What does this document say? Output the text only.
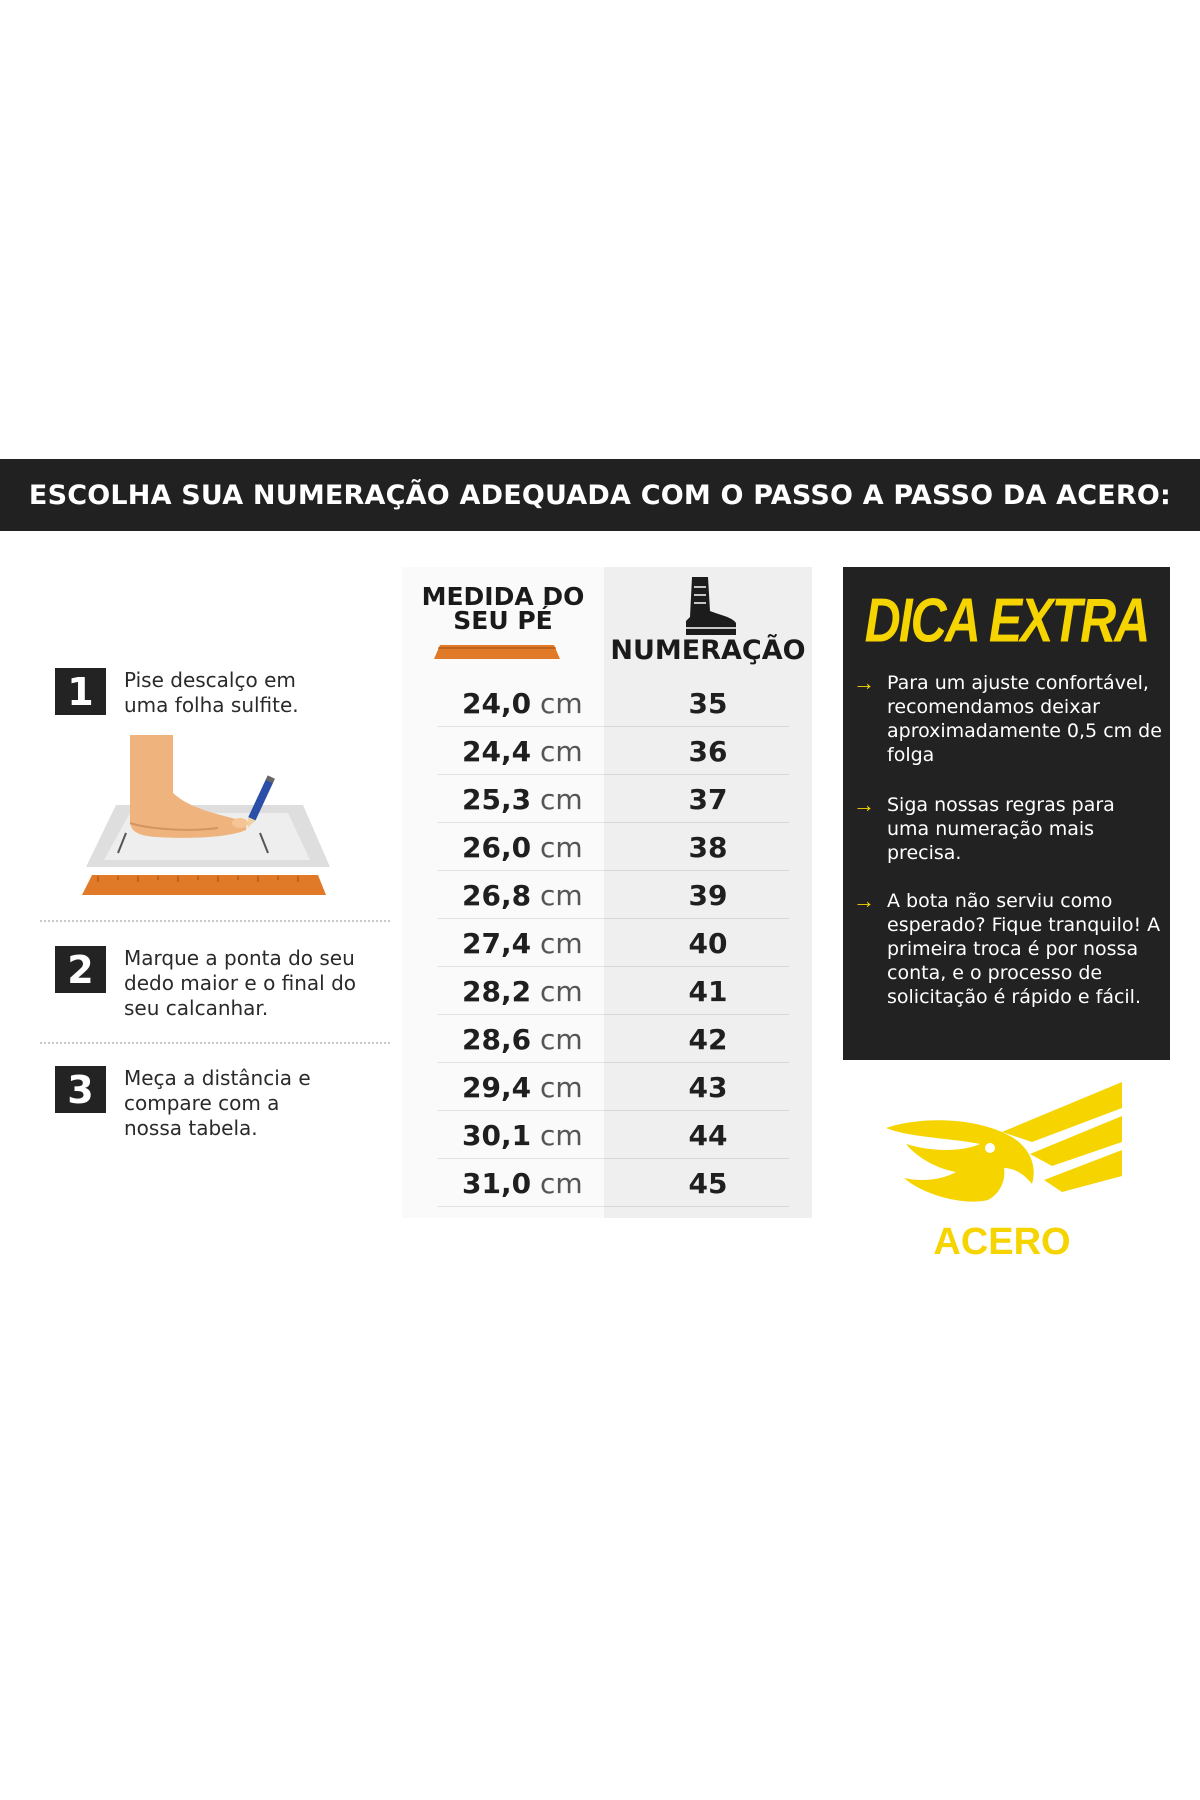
ESCOLHA SUA NUMERAÇÃO ADEQUADA COM O PASSO A PASSO DA ACERO:
1	Pise descalço em uma folha sulfite.
2	Marque a ponta do seu dedo maior e o final do seu calcanhar.
3	Meça a distância e compare com a nossa tabela.
MEDIDA DO SEU PÉ
NUMERAÇÃO
24,0 cm	35
24,4 cm	36
25,3 cm	37
26,0 cm	38
26,8 cm	39
27,4 cm	40
28,2 cm	41
28,6 cm	42
29,4 cm	43
30,1 cm	44
31,0 cm	45
DICA EXTRA
→ Para um ajuste confortável, recomendamos deixar aproximadamente 0,5 cm de folga
→ Siga nossas regras para uma numeração mais precisa.
→ A bota não serviu como esperado? Fique tranquilo! A primeira troca é por nossa conta, e o processo de solicitação é rápido e fácil.
ACERO
